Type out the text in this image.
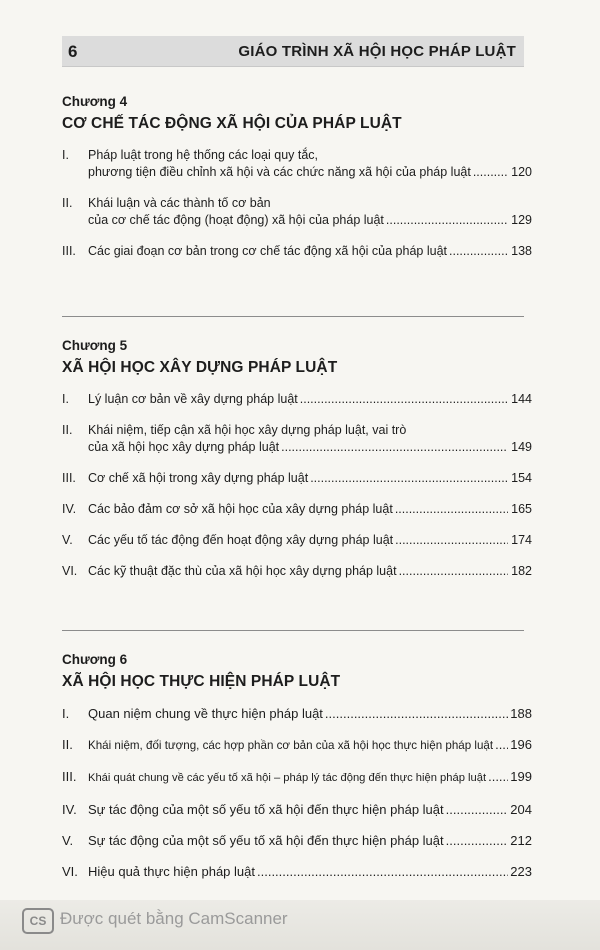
6	GIÁO TRÌNH XÃ HỘI HỌC PHÁP LUẬT
Chương 4
CƠ CHẾ TÁC ĐỘNG XÃ HỘI CỦA PHÁP LUẬT
I.	Pháp luật trong hệ thống các loại quy tắc,
phương tiện điều chỉnh xã hội và các chức năng xã hội của pháp luật .....	120
II.	Khái luận và các thành tố cơ bản
của cơ chế tác động (hoạt động) xã hội của pháp luật .....	129
III. Các giai đoạn cơ bản trong cơ chế tác động xã hội của pháp luật .....	138
Chương 5
XÃ HỘI HỌC XÂY DỰNG PHÁP LUẬT
I.	Lý luận cơ bản về xây dựng pháp luật .....	144
II.	Khái niệm, tiếp cận xã hội học xây dựng pháp luật, vai trò
của xã hội học xây dựng pháp luật .....	149
III. Cơ chế xã hội trong xây dựng pháp luật .....	154
IV. Các bảo đảm cơ sở xã hội học của xây dựng pháp luật .....	165
V.	Các yếu tố tác động đến hoạt động xây dựng pháp luật .....	174
VI. Các kỹ thuật đặc thù của xã hội học xây dựng pháp luật .....	182
Chương 6
XÃ HỘI HỌC THỰC HIỆN PHÁP LUẬT
I.	Quan niệm chung về thực hiện pháp luật .....	188
II.	Khái niệm, đối tượng, các hợp phần cơ bản của xã hội học thực hiện pháp luật ..... 196
III.	Khái quát chung về các yếu tố xã hội – pháp lý tác động đến thực hiện pháp luật ..... 199
IV. Sự tác động của một số yếu tố xã hội đến thực hiện pháp luật .....	204
V.	Sự tác động của một số yếu tố xã hội đến thực hiện pháp luật .....	212
VI. Hiệu quả thực hiện pháp luật .....	223
CS Được quét bằng CamScanner
